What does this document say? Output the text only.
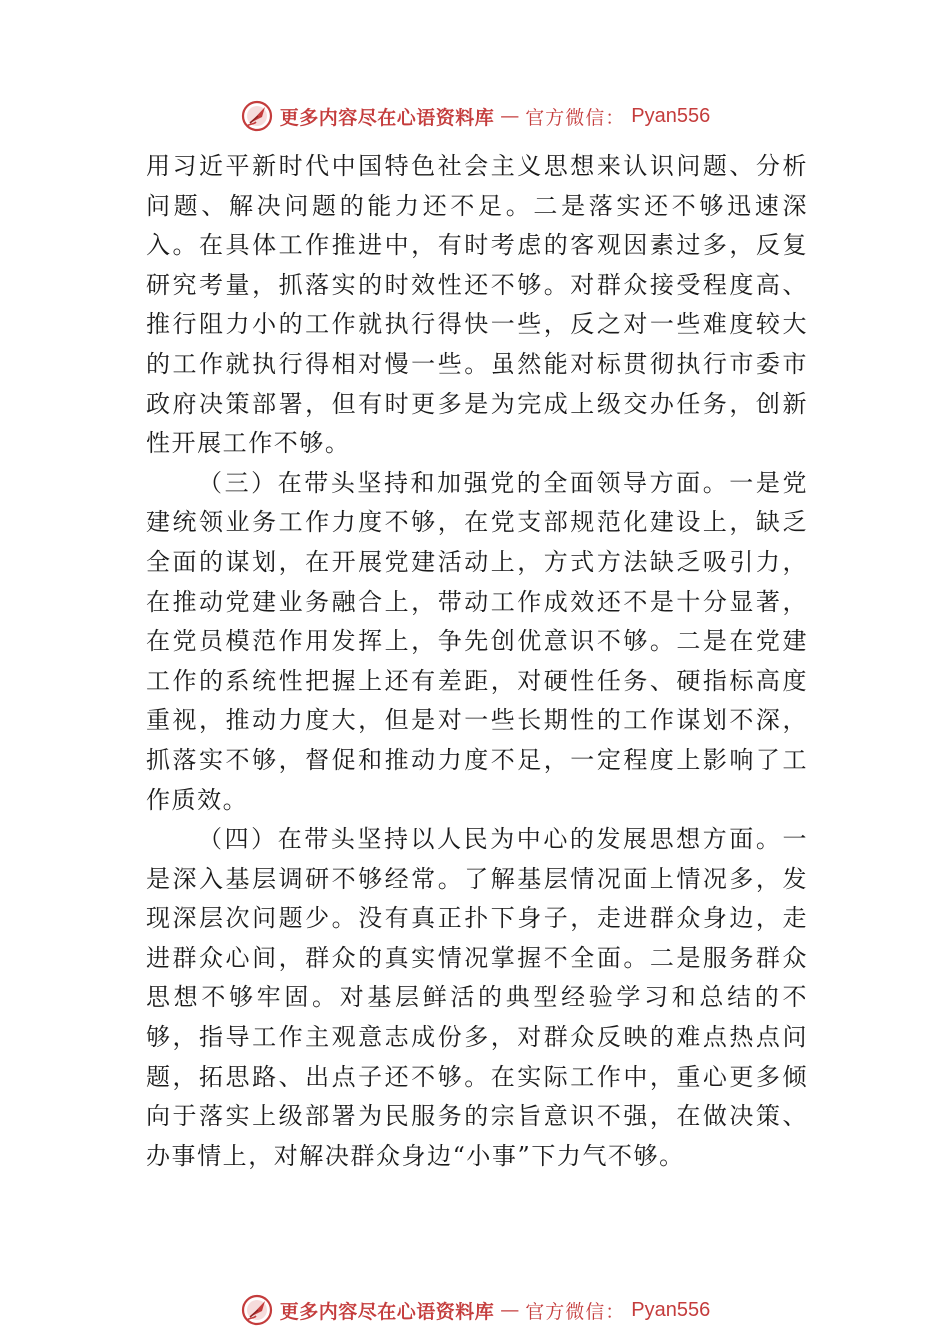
更多内容尽在心语资料库 — 官方微信： Pyan556

用习近平新时代中国特色社会主义思想来认识问题、分析问题、解决问题的能力还不足。二是落实还不够迅速深入。在具体工作推进中，有时考虑的客观因素过多，反复研究考量，抓落实的时效性还不够。对群众接受程度高、推行阻力小的工作就执行得快一些，反之对一些难度较大的工作就执行得相对慢一些。虽然能对标贯彻执行市委市政府决策部署，但有时更多是为完成上级交办任务，创新性开展工作不够。

（三）在带头坚持和加强党的全面领导方面。一是党建统领业务工作力度不够，在党支部规范化建设上，缺乏全面的谋划，在开展党建活动上，方式方法缺乏吸引力，在推动党建业务融合上，带动工作成效还不是十分显著，在党员模范作用发挥上，争先创优意识不够。二是在党建工作的系统性把握上还有差距，对硬性任务、硬指标高度重视，推动力度大，但是对一些长期性的工作谋划不深，抓落实不够，督促和推动力度不足，一定程度上影响了工作质效。

（四）在带头坚持以人民为中心的发展思想方面。一是深入基层调研不够经常。了解基层情况面上情况多，发现深层次问题少。没有真正扑下身子，走进群众身边，走进群众心间，群众的真实情况掌握不全面。二是服务群众思想不够牢固。对基层鲜活的典型经验学习和总结的不够，指导工作主观意志成份多，对群众反映的难点热点问题，拓思路、出点子还不够。在实际工作中，重心更多倾向于落实上级部署为民服务的宗旨意识不强，在做决策、办事情上，对解决群众身边“小事”下力气不够。

更多内容尽在心语资料库 — 官方微信： Pyan556
